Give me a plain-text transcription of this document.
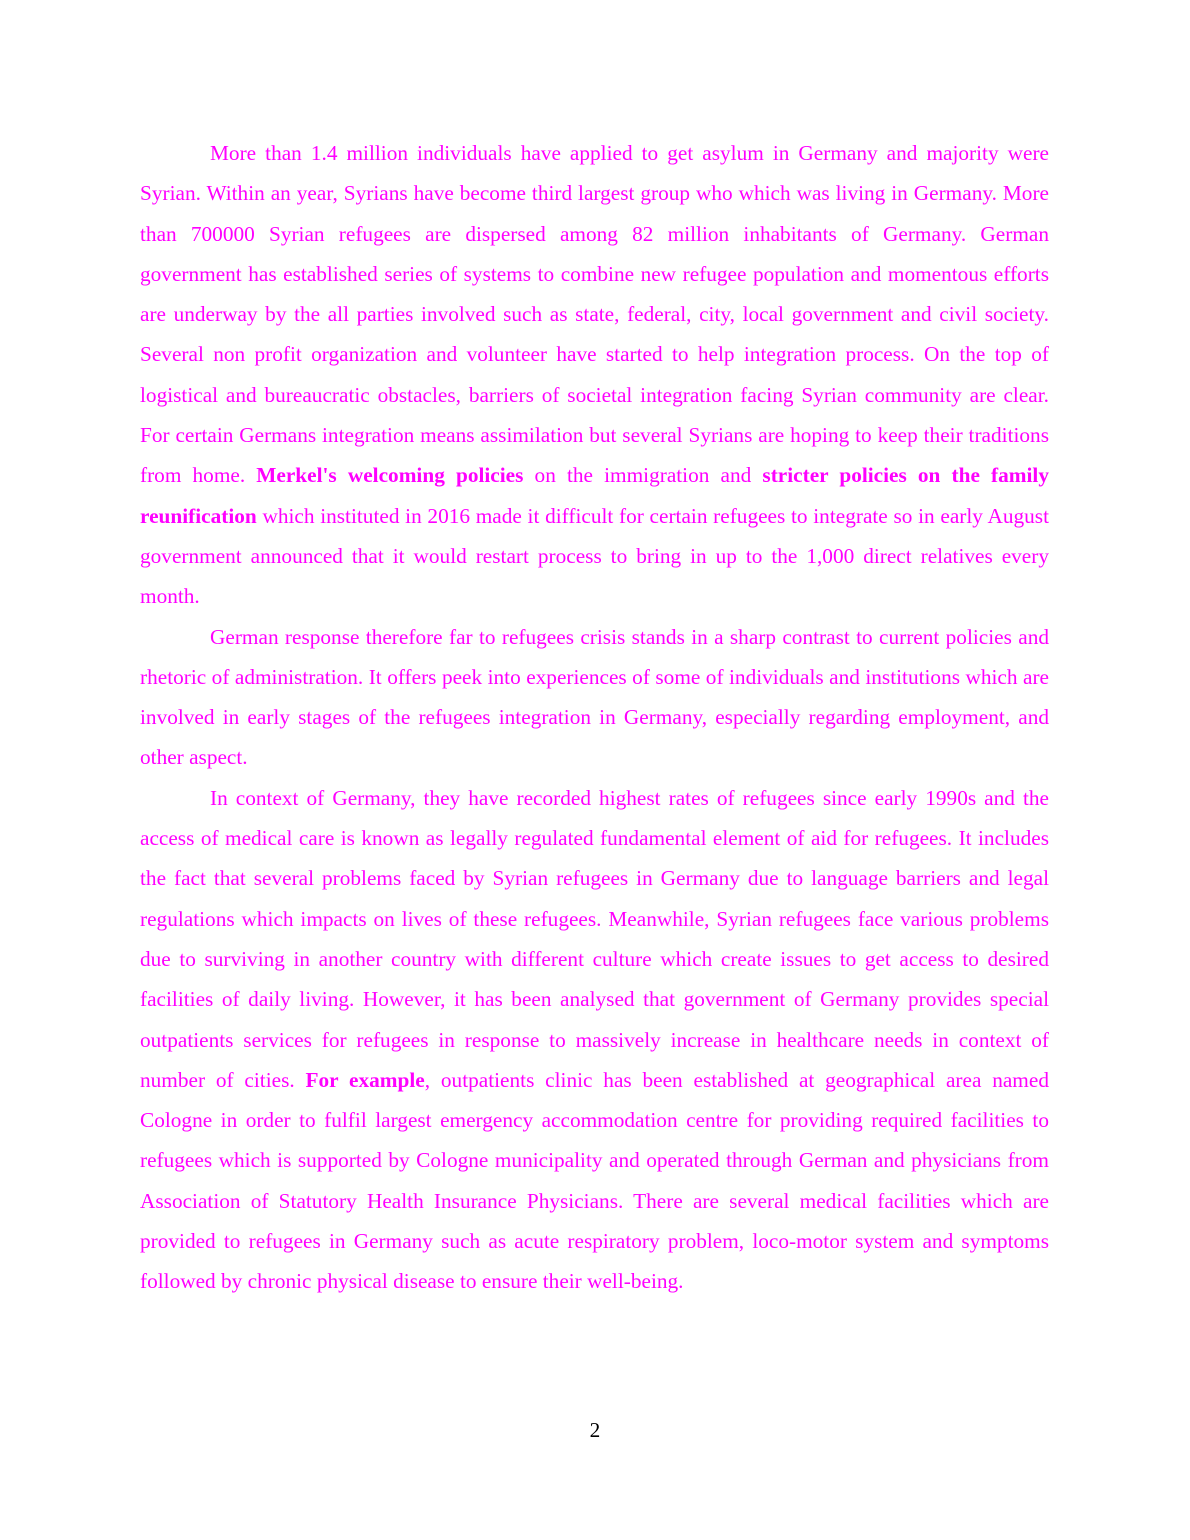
More than 1.4 million individuals have applied to get asylum in Germany and majority were Syrian. Within an year, Syrians have become third largest group who which was living in Germany. More than 700000 Syrian refugees are dispersed among 82 million inhabitants of Germany. German government has established series of systems to combine new refugee population and momentous efforts are underway by the all parties involved such as state, federal, city, local government and civil society. Several non profit organization and volunteer have started to help integration process. On the top of logistical and bureaucratic obstacles, barriers of societal integration facing Syrian community are clear. For certain Germans integration means assimilation but several Syrians are hoping to keep their traditions from home. Merkel's welcoming policies on the immigration and stricter policies on the family reunification which instituted in 2016 made it difficult for certain refugees to integrate so in early August government announced that it would restart process to bring in up to the 1,000 direct relatives every month.

German response therefore far to refugees crisis stands in a sharp contrast to current policies and rhetoric of administration. It offers peek into experiences of some of individuals and institutions which are involved in early stages of the refugees integration in Germany, especially regarding employment, and other aspect.

In context of Germany, they have recorded highest rates of refugees since early 1990s and the access of medical care is known as legally regulated fundamental element of aid for refugees. It includes the fact that several problems faced by Syrian refugees in Germany due to language barriers and legal regulations which impacts on lives of these refugees. Meanwhile, Syrian refugees face various problems due to surviving in another country with different culture which create issues to get access to desired facilities of daily living. However, it has been analysed that government of Germany provides special outpatients services for refugees in response to massively increase in healthcare needs in context of number of cities. For example, outpatients clinic has been established at geographical area named Cologne in order to fulfil largest emergency accommodation centre for providing required facilities to refugees which is supported by Cologne municipality and operated through German and physicians from Association of Statutory Health Insurance Physicians. There are several medical facilities which are provided to refugees in Germany such as acute respiratory problem, loco-motor system and symptoms followed by chronic physical disease to ensure their well-being.

2
